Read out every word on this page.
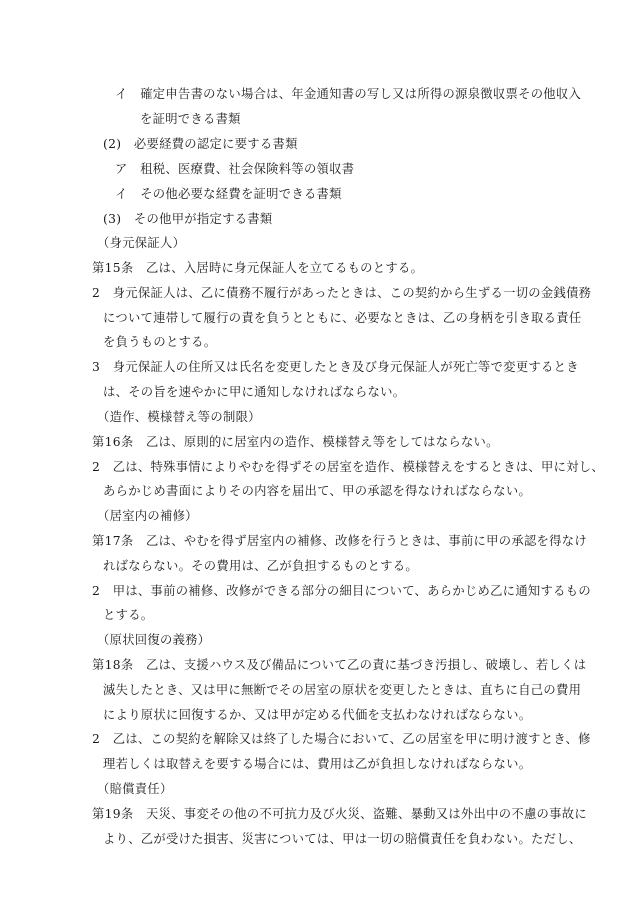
イ　確定申告書のない場合は、年金通知書の写し又は所得の源泉徴収票その他収入
を証明できる書類
(2)　必要経費の認定に要する書類
ア　租税、医療費、社会保険料等の領収書
イ　その他必要な経費を証明できる書類
(3)　その他甲が指定する書類
（身元保証人）
第15条　乙は、入居時に身元保証人を立てるものとする。
2　身元保証人は、乙に債務不履行があったときは、この契約から生ずる一切の金銭債務
について連帯して履行の責を負うとともに、必要なときは、乙の身柄を引き取る責任
を負うものとする。
3　身元保証人の住所又は氏名を変更したとき及び身元保証人が死亡等で変更するとき
は、その旨を速やかに甲に通知しなければならない。
（造作、模様替え等の制限）
第16条　乙は、原則的に居室内の造作、模様替え等をしてはならない。
2　乙は、特殊事情によりやむを得ずその居室を造作、模様替えをするときは、甲に対し、
あらかじめ書面によりその内容を届出て、甲の承認を得なければならない。
（居室内の補修）
第17条　乙は、やむを得ず居室内の補修、改修を行うときは、事前に甲の承認を得なけ
ればならない。その費用は、乙が負担するものとする。
2　甲は、事前の補修、改修ができる部分の細目について、あらかじめ乙に通知するもの
とする。
（原状回復の義務）
第18条　乙は、支援ハウス及び備品について乙の責に基づき汚損し、破壊し、若しくは
滅失したとき、又は甲に無断でその居室の原状を変更したときは、直ちに自己の費用
により原状に回復するか、又は甲が定める代価を支払わなければならない。
2　乙は、この契約を解除又は終了した場合において、乙の居室を甲に明け渡すとき、修
理若しくは取替えを要する場合には、費用は乙が負担しなければならない。
（賠償責任）
第19条　天災、事変その他の不可抗力及び火災、盗難、暴動又は外出中の不慮の事故に
より、乙が受けた損害、災害については、甲は一切の賠償責任を負わない。ただし、
